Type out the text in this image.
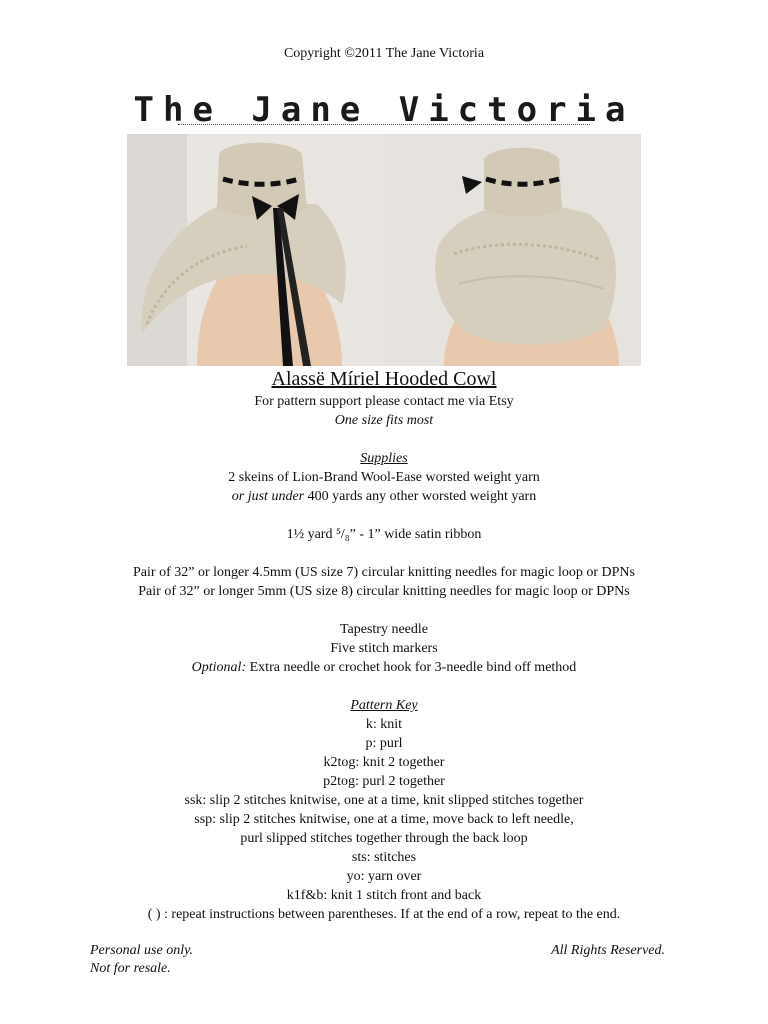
Copyright ©2011 The Jane Victoria
The Jane Victoria
Alassë Míriel Hooded Cowl
For pattern support please contact me via Etsy
One size fits most
Supplies
2 skeins of Lion-Brand Wool-Ease worsted weight yarn
or just under 400 yards any other worsted weight yarn
1½ yard ⁵/₈” - 1” wide satin ribbon
Pair of 32” or longer 4.5mm (US size 7) circular knitting needles for magic loop or DPNs
Pair of 32” or longer 5mm (US size 8) circular knitting needles for magic loop or DPNs
Tapestry needle
Five stitch markers
Optional: Extra needle or crochet hook for 3-needle bind off method
Pattern Key
k: knit
p: purl
k2tog: knit 2 together
p2tog: purl 2 together
ssk: slip 2 stitches knitwise, one at a time, knit slipped stitches together
ssp: slip 2 stitches knitwise, one at a time, move back to left needle,
purl slipped stitches together through the back loop
sts: stitches
yo: yarn over
k1f&b: knit 1 stitch front and back
( ) : repeat instructions between parentheses. If at the end of a row, repeat to the end.
Personal use only.
Not for resale.
All Rights Reserved.
